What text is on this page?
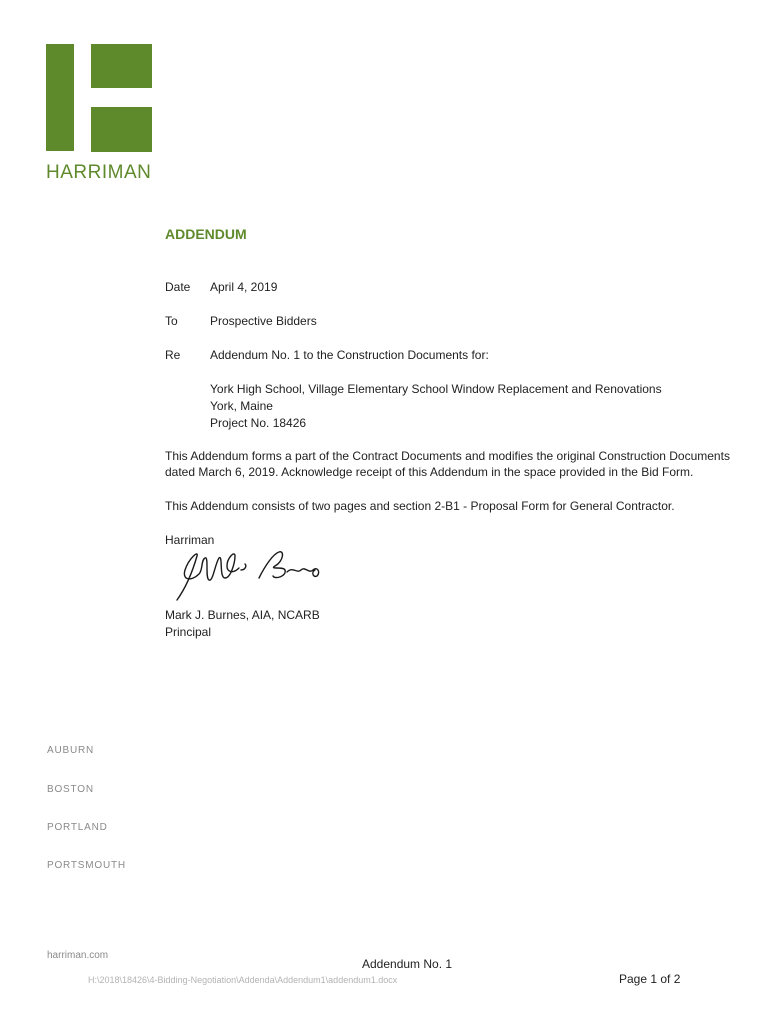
HARRIMAN
ADDENDUM
Date April 4, 2019
To	Prospective Bidders
Re Addendum No. 1 to the Construction Documents for:
York High School, Village Elementary School Window Replacement and Renovations
York, Maine
Project No. 18426
This Addendum forms a part of the Contract Documents and modifies the original Construction Documents
dated March 6, 2019. Acknowledge receipt of this Addendum in the space provided in the Bid Form.
This Addendum consists of two pages and section 2-B1 - Proposal Form for General Contractor.
Harriman
Mark J. Burnes, AIA, NCARB
Principal
AUBURN
BOSTON
PORTLAND
PORTSMOUTH
harriman.com
Addendum No. 1
H:\2018\18426\4-Bidding-Negotiation\Addenda\Addendum1\addendum1.docx	Page 1 of 2
